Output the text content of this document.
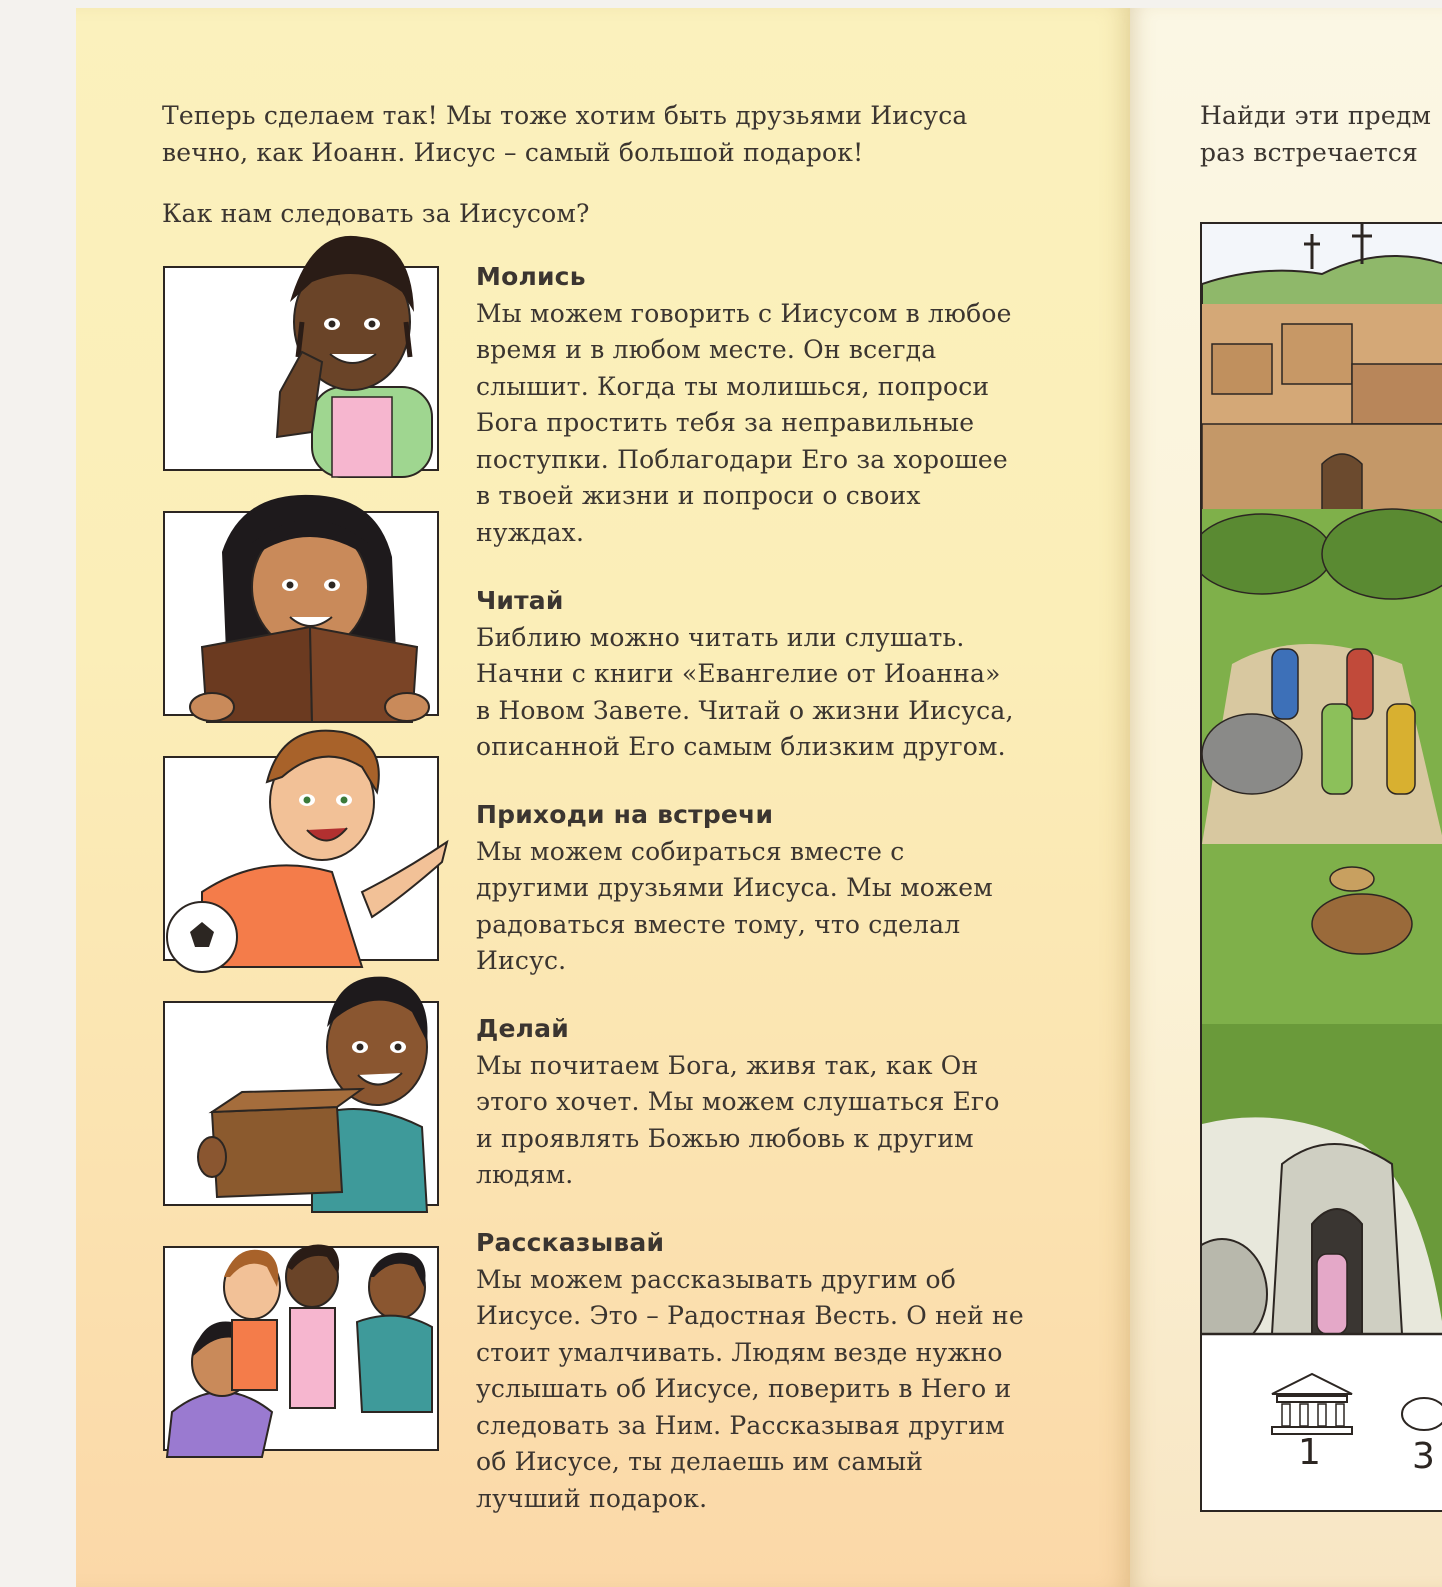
Теперь сделаем так! Мы тоже хотим быть друзьями Иисуса
вечно, как Иоанн. Иисус – самый большой подарок!
Как нам следовать за Иисусом?
Молись
Мы можем говорить с Иисусом в любое
время и в любом месте. Он всегда
слышит. Когда ты молишься, попроси
Бога простить тебя за неправильные
поступки. Поблагодари Его за хорошее
в твоей жизни и попроси о своих
нуждах.
Читай
Библию можно читать или слушать.
Начни с книги «Евангелие от Иоанна»
в Новом Завете. Читай о жизни Иисуса,
описанной Его самым близким другом.
Приходи на встречи
Мы можем собираться вместе с
другими друзьями Иисуса. Мы можем
радоваться вместе тому, что сделал
Иисус.
Делай
Мы почитаем Бога, живя так, как Он
этого хочет. Мы можем слушаться Его
и проявлять Божью любовь к другим
людям.
Рассказывай
Мы можем рассказывать другим об
Иисусе. Это – Радостная Весть. О ней не
стоит умалчивать. Людям везде нужно
услышать об Иисусе, поверить в Него и
следовать за Ним. Рассказывая другим
об Иисусе, ты делаешь им самый
лучший подарок.
Найди эти предм
раз встречается
1	3
